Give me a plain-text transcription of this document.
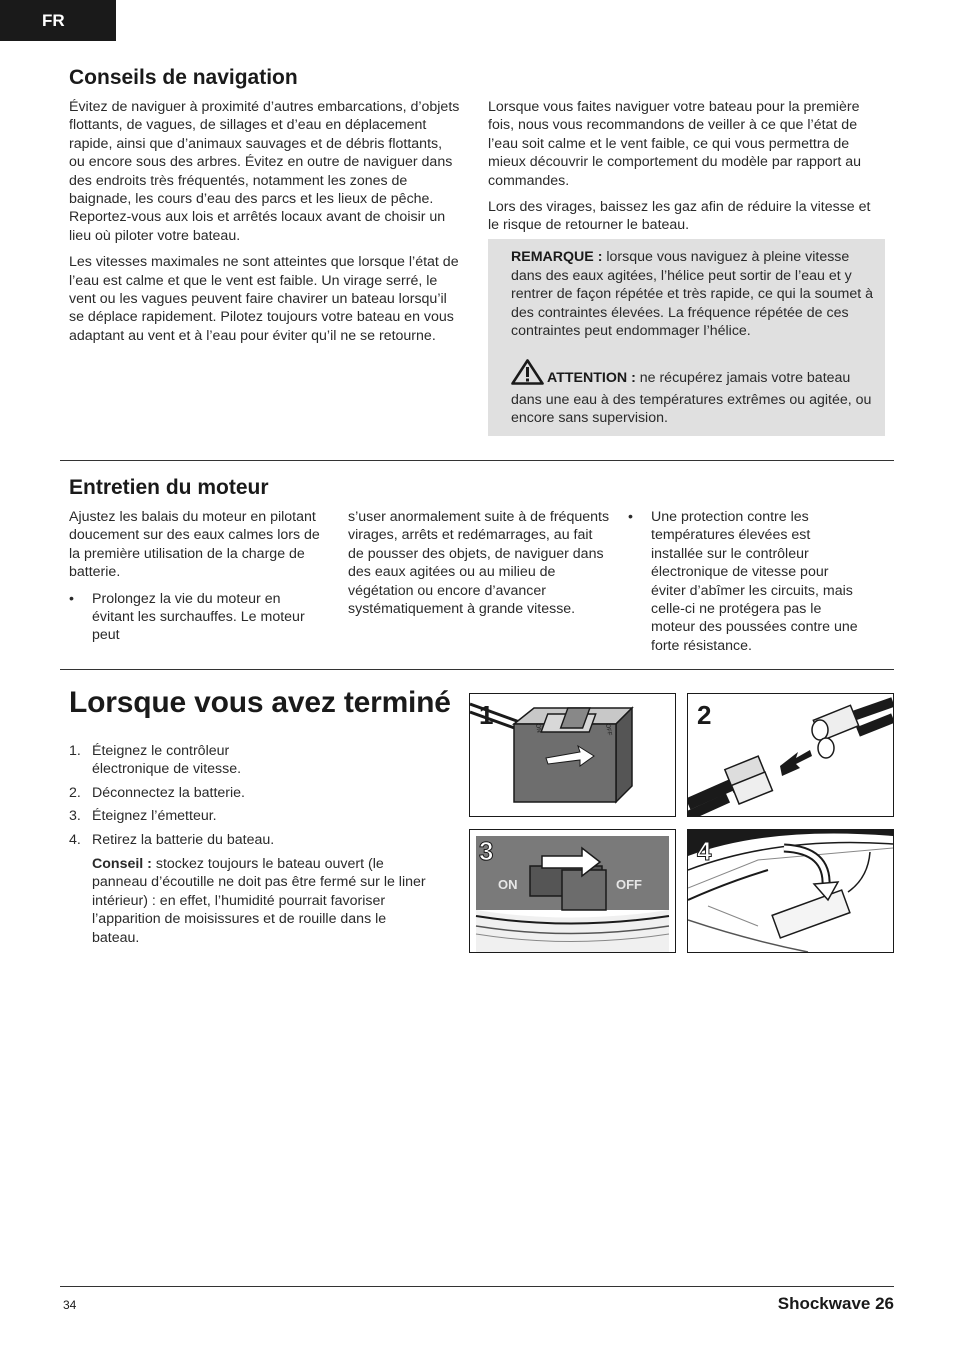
FR
Conseils de navigation

Évitez de naviguer à proximité d’autres embarcations, d’objets flottants, de vagues, de sillages et d’eau en déplacement rapide, ainsi que d’animaux sauvages et de débris flottants, ou encore sous des arbres. Évitez en outre de naviguer dans des endroits très fréquentés, notamment les zones de baignade, les cours d’eau des parcs et les lieux de pêche. Reportez-vous aux lois et arrêtés locaux avant de choisir un lieu où piloter votre bateau.

Les vitesses maximales ne sont atteintes que lorsque l’état de l’eau est calme et que le vent est faible. Un virage serré, le vent ou les vagues peuvent faire chavirer un bateau lorsqu’il se déplace rapidement. Pilotez toujours votre bateau en vous adaptant au vent et à l’eau pour éviter qu’il ne se retourne.

Lorsque vous faites naviguer votre bateau pour la première fois, nous vous recommandons de veiller à ce que l’état de l’eau soit calme et le vent faible, ce qui vous permettra de mieux découvrir le comportement du modèle par rapport au commandes.

Lors des virages, baissez les gaz afin de réduire la vitesse et le risque de retourner le bateau.

REMARQUE : lorsque vous naviguez à pleine vitesse dans des eaux agitées, l’hélice peut sortir de l’eau et y rentrer de façon répétée et très rapide, ce qui la soumet à des contraintes élevées. La fréquence répétée de ces contraintes peut endommager l’hélice.

ATTENTION : ne récupérez jamais votre bateau dans une eau à des températures extrêmes ou agitée, ou encore sans supervision.

Entretien du moteur

Ajustez les balais du moteur en pilotant doucement sur des eaux calmes lors de la première utilisation de la charge de batterie.

• Prolongez la vie du moteur en évitant les surchauffes. Le moteur peut

s’user anormalement suite à de fréquents virages, arrêts et redémarrages, au fait de pousser des objets, de naviguer dans des eaux agitées ou au milieu de végétation ou encore d’avancer systématiquement à grande vitesse.

• Une protection contre les températures élevées est installée sur le contrôleur électronique de vitesse pour éviter d’abîmer les circuits, mais celle-ci ne protégera pas le moteur des poussées contre une forte résistance.
Lorsque vous avez terminé
1. Éteignez le contrôleur électronique de vitesse.
2. Déconnectez la batterie.
3. Éteignez l’émetteur.
4. Retirez la batterie du bateau.

Conseil : stockez toujours le bateau ouvert (le panneau d’écoutille ne doit pas être fermé sur le liner intérieur) : en effet, l’humidité pourrait favoriser l’apparition de moisissures et de rouille dans le bateau.

ON	OFF
1	2
ON	OFF
3	4
34	Shockwave 26
